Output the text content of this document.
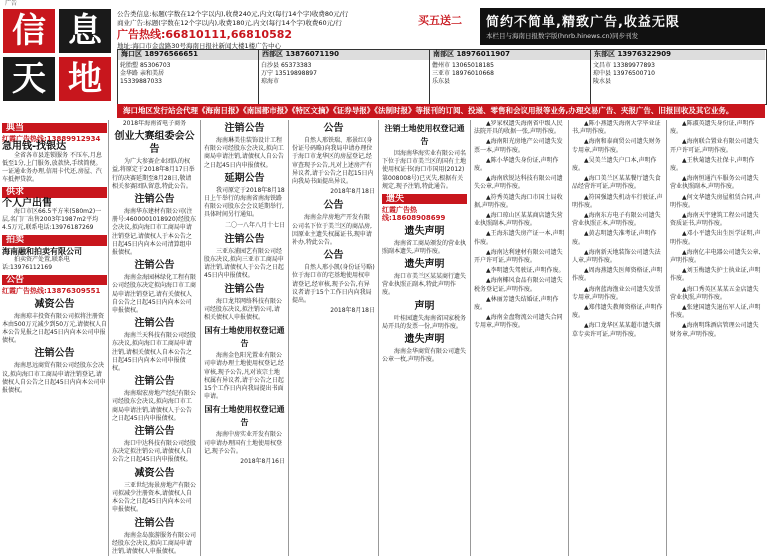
广告
信 息
天 地
公告类信息:标题(字数在12个字以内),收费240元,内文(每行14个字)收费80元/行
商业广告:标题(字数在12个字以内),收费180元,内文(每行14个字)收费60元/行
广告热线:66810111,66810582
地址:海口市金盘路30号海南日报社新闻大楼1楼广告中心
买五送二	简约不简单,精致广告,收益无限
本栏目与海南日报数字版(hnrb.hinews.cn)同步刊发
海口区 18976566651
轮胎塑 85306703
金华路 亲和美居
15339887033
西部区 13876071190
白沙县 65373383
万宁 13519898897
琼海市
南部区 18976011907
儋州市 13065018185
三亚市 18976010668
乐东县
东部区 13976322909
文昌市 13389977893
琼中县 13976500710
陵水县
海口地区发行站会代理《海南日报》《南国都市报》《特区文摘》《证券导报》《法制时报》等报刊的订阅、投递、零售和会议用报等业务,办理交易广告、夹报广告、旧报回收及其它业务。
典当
红霞广告热线:13889912934
急用钱-找银达
全省各市县连锁服务 不压车,月息低至1分,上门服务,放款快,手续简便。一证通业务办理,信用卡代还,房屋、汽车抵押贷款。
供求
个人户出售
海口市区66.5平方米(580m2)一层,名门厂出售2003年1987m2平均4.5万元,联系电话:13976187269
拍卖
海南融和拍卖有限公司
拍卖资产处置,联系电话:13976112169
公告
红霞广告热线:13876309551
减资公告
海南琼丰投资有限公司拟将注册资本由500万元减少到50万元,请债权人自本公告见报之日起45日内向本公司申报债权。
注销公告
海南思远商贸有限公司经股东会决议,拟向海口市工商局申请注销登记,请债权人自公告之日起45日内向本公司申报债权。
2018年海南省电子商务
创业大赛组委会公告
为广大参赛企业团队的权益,将原定于2018年8月17日举行的决赛延期至8月28日,敬请相关参赛团队留意,特此公告。
注销公告
海南华东建材有限公司(注册号:4600001018920)经股东会决议,拟向海口市工商局申请注销登记,请债权人于本公告之日起45日内向本公司清算组申报债权。
注销公告
海南金海园林绿化工程有限公司经股东决定拟向海口市工商局申请注销登记,请有关债权人自公告之日起45日内向本公司申报债权。
注销公告
海南兰天科技有限公司经股东决议,拟向海口市工商局申请注销,请相关债权人自本公告之日起45日内向本公司申报债权。
注销公告
海南瑞宏房地产经纪有限公司经股东会决议,拟向海口市工商局申请注销,请债权人于公告之日起45日内申报债权。
注销公告
海口中达科技有限公司经股东决定拟注销公司,请债权人自公告之日起45日内申报债权。
减资公告
三亚世纪海景房地产有限公司拟减少注册资本,请债权人自本公告之日起45日内向本公司申报债权。
注销公告
海南金岛旅游服务有限公司经股东会决议,拟向工商局申请注销,请债权人申报债权。
注销公告
海南琳美佳装饰设计工程有限公司经股东会决议,拟向工商局申请注销,请债权人自公告之日起45日内申报债权。
延期公告
我司原定于2018年8月18日上午举行的海南省南海铁路有限公司股东会会议延期举行,具体时间另行通知。
二〇一八年八月十七日
注销公告
三亚东浦园艺有限公司经股东决议,拟向三亚市工商局申请注销,请债权人于公告之日起45日内申报债权。
注销公告
海口龙邦网络科技有限公司经股东决议,拟注销公司,请相关债权人申报债权。
国有土地使用权登记通告
海南金色阳光置业有限公司申请办理土地使用权登记,经审核,现予公告,凡对该宗土地权属有异议者,请于公告之日起15个工作日内向我局提出书面申请。
国有土地使用权登记通告
海南中房实业开发有限公司申请办理国有土地使用权登记,现予公告。
2018年8月16日
公告
自然人邢铁瑞、邢景红(身份证号码略)向我局申请办理位于海口市龙华区的房屋登记,经审查现予公告,凡对上述房产有异议者,请于公告之日起15日内向我局书面提出异议。
2018年8月18日
公告
海南金岸房地产开发有限公司名下位于美兰区的商品房,因原业主遗失权属证书,现申请补办,特此公告。
公告
自然人邢小凯(身份证号略)位于海口市的宅基地使用权申请登记,经审核,现予公告,有异议者请于15个工作日内向我局提出。
2018年8月18日
注销土地使用权登记通告
因海南华海实业有限公司名下位于海口市美兰区的国有土地使用权证书(海口市国用(2012)第008008号)已灭失,根据有关规定,现予注销,特此通告。
遗失
红霞广告热线:18608908699
遗失声明
海南省工商局颁发的营业执照副本遗失,声明作废。
遗失声明
海口市美兰区某某商行遗失营业执照正副本,特此声明作废。
声明
叶桂园遗失海南省国家税务局开具的发票一份,声明作废。
遗失声明
海南金华商贸有限公司遗失公章一枚,声明作废。
▲罗家权遗失海南省中级人民法院开具的收据一张,声明作废。
▲海南阳光房地产公司遗失发票一本,声明作废。
▲陈小华遗失身份证,声明作废。
▲海南欣锐达科技有限公司遗失公章,声明作废。
▲符秀英遗失海口市国土局收据,声明作废。
▲海口琼山区某某商店遗失营业执照副本,声明作废。
▲王海东遗失房产证一本,声明作废。
▲海南达利建材有限公司遗失开户许可证,声明作废。
▲李明遗失驾驶证,声明作废。
▲海南椰风食品有限公司遗失税务登记证,声明作废。
▲林丽芳遗失结婚证,声明作废。
▲海南金盘物流公司遗失合同专用章,声明作废。
▲陈小燕遗失海南大学毕业证书,声明作废。
▲海南和泰商贸公司遗失财务专用章,声明作废。
▲吴美兰遗失户口本,声明作废。
▲海口美兰区某某餐厅遗失食品经营许可证,声明作废。
▲符国强遗失机动车行驶证,声明作废。
▲海南东方电子有限公司遗失营业执照正本,声明作废。
▲黄志明遗失准考证,声明作废。
▲海南新天地装饰公司遗失法人章,声明作废。
▲周海燕遗失医师资格证,声明作废。
▲海南蓝海渔业公司遗失发票专用章,声明作废。
▲郑伟遗失教师资格证,声明作废。
▲海口龙华区某某超市遗失烟草专卖许可证,声明作废。
▲陈淑英遗失身份证,声明作废。
▲海南联合置业有限公司遗失开户许可证,声明作废。
▲王秋菊遗失社保卡,声明作废。
▲海南恒通汽车服务公司遗失营业执照副本,声明作废。
▲何文华遗失房屋租赁合同,声明作废。
▲海南天宇建筑工程公司遗失资质证书,声明作废。
▲邓小平遗失出生医学证明,声明作废。
▲海南亿丰电器公司遗失公章,声明作废。
▲刘玉梅遗失护士执业证,声明作废。
▲海口秀英区某某五金店遗失营业执照,声明作废。
▲张建国遗失退伍军人证,声明作废。
▲海南明珠酒店管理公司遗失财务章,声明作废。
